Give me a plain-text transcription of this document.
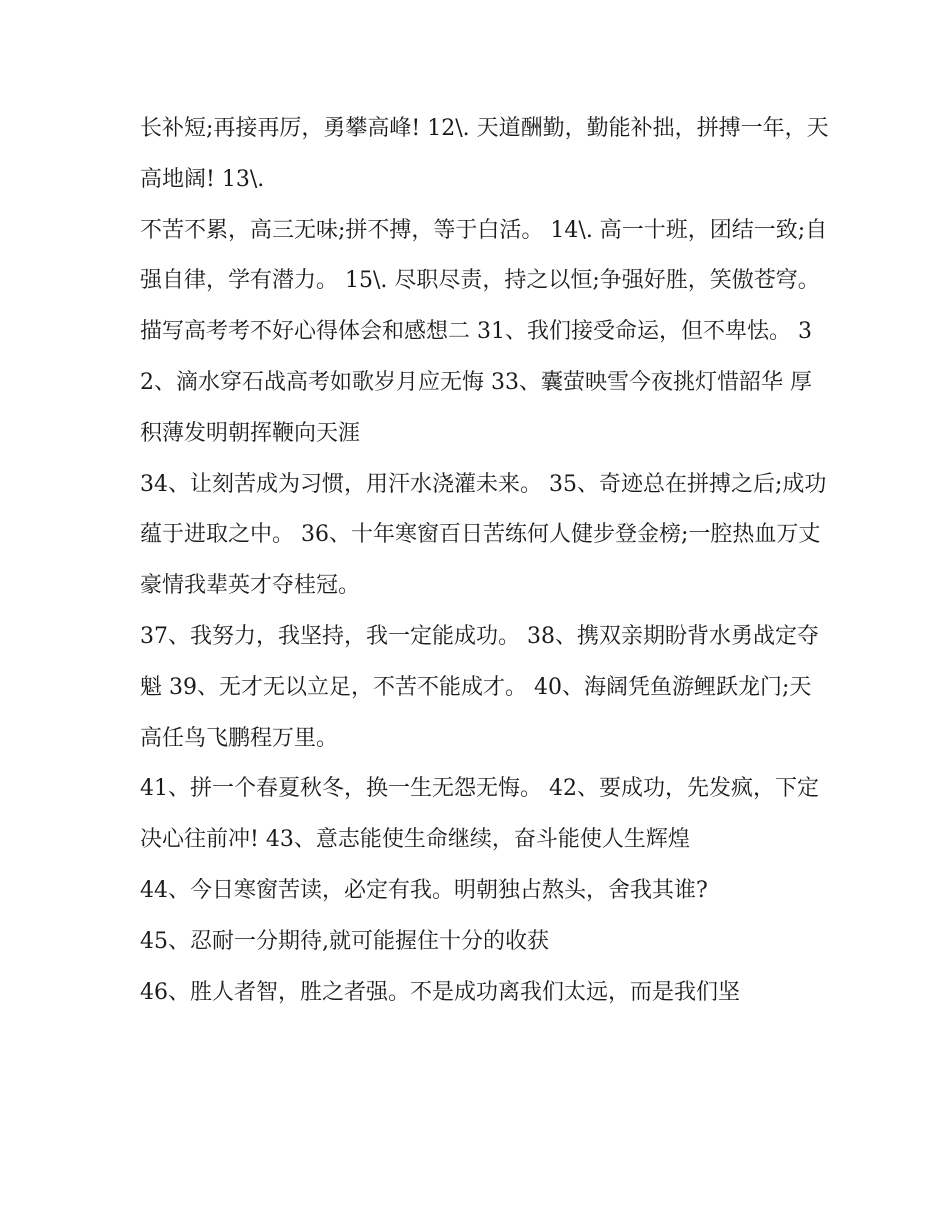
长补短;再接再厉，勇攀高峰! 12\. 天道酬勤，勤能补拙，拼搏一年，天高地阔! 13\.

不苦不累，高三无味;拼不搏，等于白活。 14\. 高一十班，团结一致;自强自律，学有潜力。 15\. 尽职尽责，持之以恒;争强好胜，笑傲苍穹。

描写高考考不好心得体会和感想二 31、我们接受命运，但不卑怯。 32、滴水穿石战高考如歌岁月应无悔 33、囊萤映雪今夜挑灯惜韶华 厚积薄发明朝挥鞭向天涯

34、让刻苦成为习惯，用汗水浇灌未来。 35、奇迹总在拼搏之后;成功蕴于进取之中。 36、十年寒窗百日苦练何人健步登金榜;一腔热血万丈豪情我辈英才夺桂冠。

37、我努力，我坚持，我一定能成功。 38、携双亲期盼背水勇战定夺魁 39、无才无以立足，不苦不能成才。 40、海阔凭鱼游鲤跃龙门;天高任鸟飞鹏程万里。

41、拼一个春夏秋冬，换一生无怨无悔。 42、要成功，先发疯，下定决心往前冲! 43、意志能使生命继续，奋斗能使人生辉煌

44、今日寒窗苦读，必定有我。明朝独占熬头，舍我其谁?

45、忍耐一分期待,就可能握住十分的收获

46、胜人者智，胜之者强。不是成功离我们太远，而是我们坚
